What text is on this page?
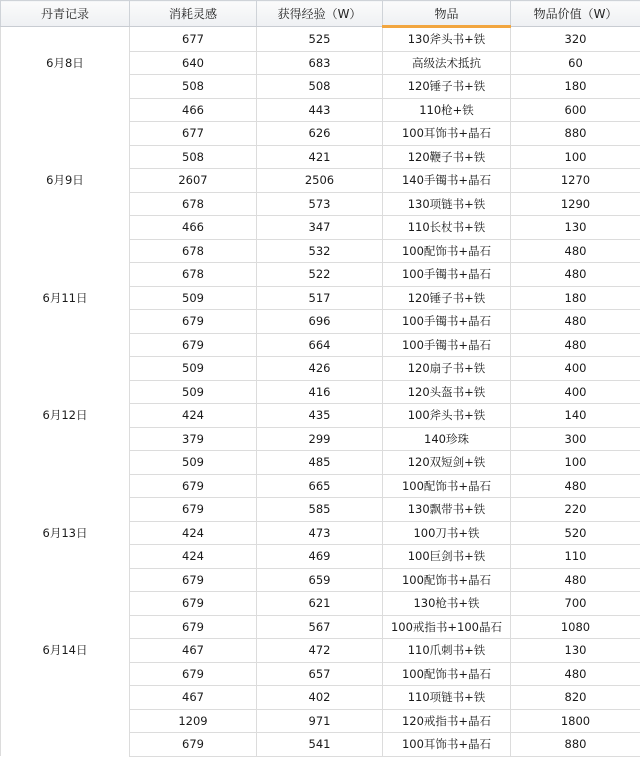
丹青记录	消耗灵感	获得经验（W）	物品	物品价值（W）
	677	525	130斧头书+铁	320
6月8日	640	683	高级法术抵抗	60
	508	508	120锤子书+铁	180
	466	443	110枪+铁	600
	677	626	100耳饰书+晶石	880
	508	421	120鞭子书+铁	100
6月9日	2607	2506	140手镯书+晶石	1270
	678	573	130项链书+铁	1290
	466	347	110长杖书+铁	130
	678	532	100配饰书+晶石	480
	678	522	100手镯书+晶石	480
6月11日	509	517	120锤子书+铁	180
	679	696	100手镯书+晶石	480
	679	664	100手镯书+晶石	480
	509	426	120扇子书+铁	400
	509	416	120头盔书+铁	400
6月12日	424	435	100斧头书+铁	140
	379	299	140珍珠	300
	509	485	120双短剑+铁	100
	679	665	100配饰书+晶石	480
	679	585	130飘带书+铁	220
6月13日	424	473	100刀书+铁	520
	424	469	100巨剑书+铁	110
	679	659	100配饰书+晶石	480
	679	621	130枪书+铁	700
	679	567	100戒指书+100晶石	1080
6月14日	467	472	110爪刺书+铁	130
	679	657	100配饰书+晶石	480
	467	402	110项链书+铁	820
	1209	971	120戒指书+晶石	1800
	679	541	100耳饰书+晶石	880
